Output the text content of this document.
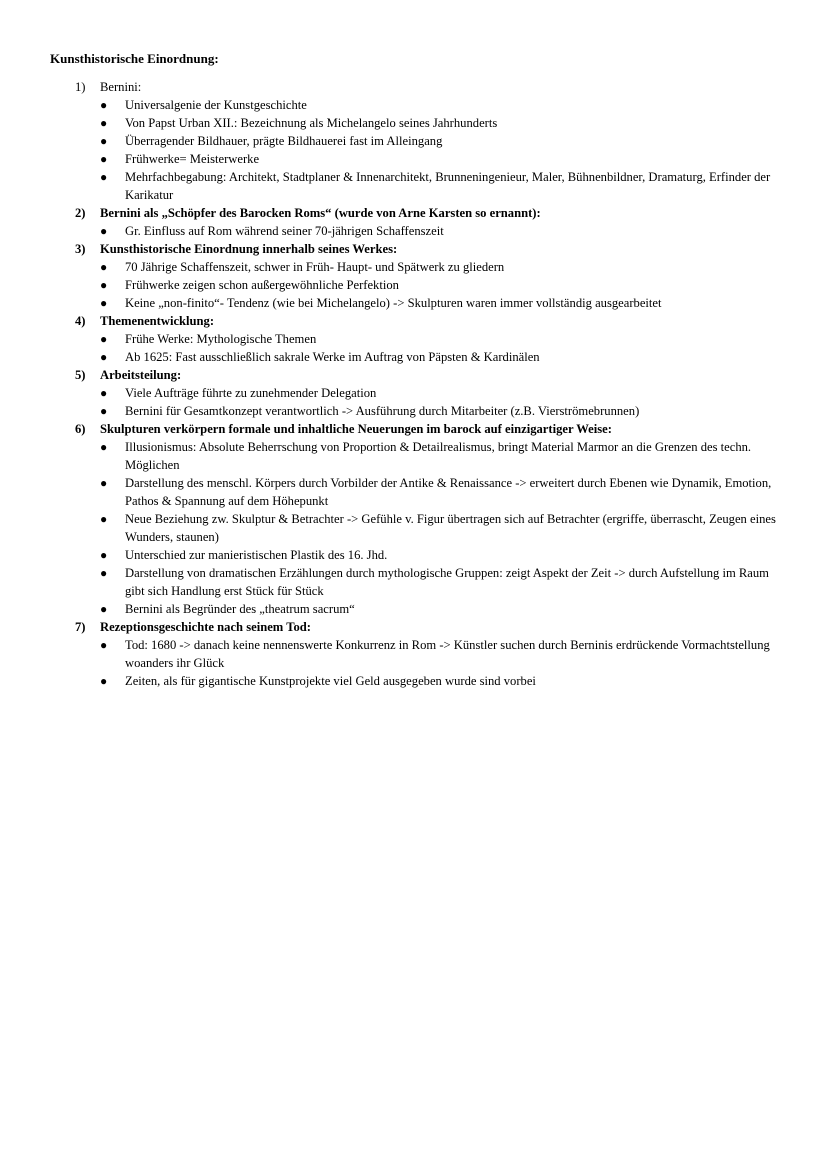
Kunsthistorische Einordnung:
1)	Bernini:
●	Universalgenie der Kunstgeschichte
●	Von Papst Urban XII.: Bezeichnung als Michelangelo seines Jahrhunderts
●	Überragender Bildhauer, prägte Bildhauerei fast im Alleingang
●	Frühwerke= Meisterwerke
●	Mehrfachbegabung: Architekt, Stadtplaner & Innenarchitekt, Brunneningenieur, Maler, Bühnenbildner, Dramaturg, Erfinder der Karikatur
2)	Bernini als „Schöpfer des Barocken Roms“ (wurde von Arne Karsten so ernannt):
●	Gr. Einfluss auf Rom während seiner 70-jährigen Schaffenszeit
3)	Kunsthistorische Einordnung innerhalb seines Werkes:
●	70 Jährige Schaffenszeit, schwer in Früh- Haupt- und Spätwerk zu gliedern
●	Frühwerke zeigen schon außergewöhnliche Perfektion
●	Keine „non-finito“- Tendenz (wie bei Michelangelo) -> Skulpturen waren immer vollständig ausgearbeitet
4)	Themenentwicklung:
●	Frühe Werke: Mythologische Themen
●	Ab 1625: Fast ausschließlich sakrale Werke im Auftrag von Päpsten & Kardinälen
5)	Arbeitsteilung:
●	Viele Aufträge führte zu zunehmender Delegation
●	Bernini für Gesamtkonzept verantwortlich -> Ausführung durch Mitarbeiter (z.B. Vierströmebrunnen)
6)	Skulpturen verkörpern formale und inhaltliche Neuerungen im barock auf einzigartiger Weise:
●	Illusionismus: Absolute Beherrschung von Proportion & Detailrealismus, bringt Material Marmor an die Grenzen des techn. Möglichen
●	Darstellung des menschl. Körpers durch Vorbilder der Antike & Renaissance -> erweitert durch Ebenen wie Dynamik, Emotion, Pathos & Spannung auf dem Höhepunkt
●	Neue Beziehung zw. Skulptur & Betrachter -> Gefühle v. Figur übertragen sich auf Betrachter (ergriffe, überrascht, Zeugen eines Wunders, staunen)
●	Unterschied zur manieristischen Plastik des 16. Jhd.
●	Darstellung von dramatischen Erzählungen durch mythologische Gruppen: zeigt Aspekt der Zeit -> durch Aufstellung im Raum gibt sich Handlung erst Stück für Stück
●	Bernini als Begründer des „theatrum sacrum“
7)	Rezeptionsgeschichte nach seinem Tod:
●	Tod: 1680 -> danach keine nennenswerte Konkurrenz in Rom -> Künstler suchen durch Berninis erdrückende Vormachtstellung woanders ihr Glück
●	Zeiten, als für gigantische Kunstprojekte viel Geld ausgegeben wurde sind vorbei
